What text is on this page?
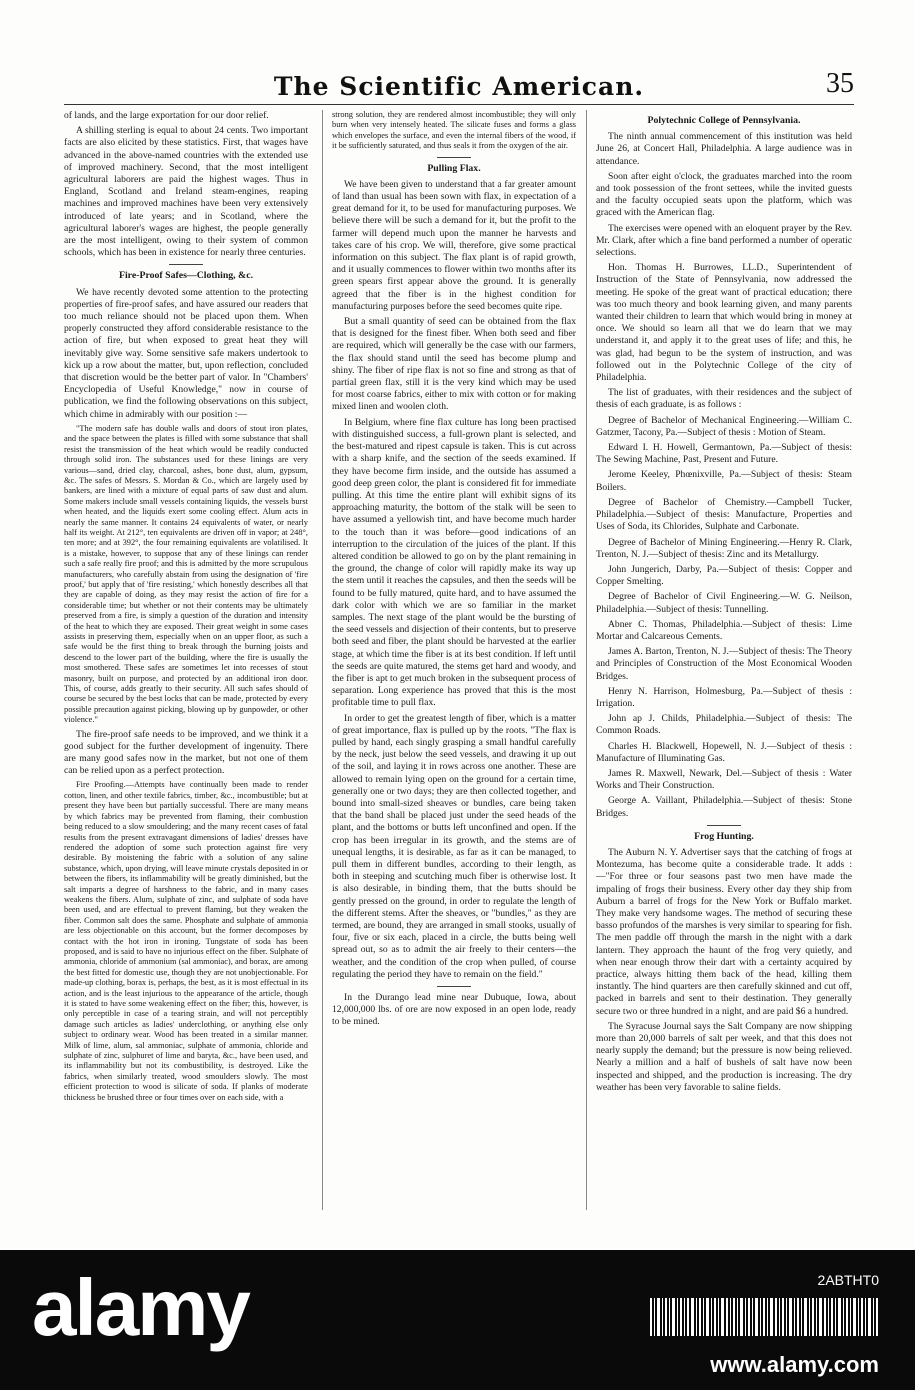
The Scientific American.	35

of lands, and the large exportation for our door relief.

A shilling sterling is equal to about 24 cents. Two important facts are also elicited by these statistics. First, that wages have advanced in the above-named countries with the extended use of improved machinery. Second, that the most intelligent agricultural laborers are paid the highest wages. Thus in England, Scotland and Ireland steam-engines, reaping machines and improved machines have been very extensively introduced of late years; and in Scotland, where the agricultural laborer's wages are highest, the people generally are the most intelligent, owing to their system of common schools, which has been in existence for nearly three centuries.

Fire-Proof Safes—Clothing, &c.

We have recently devoted some attention to the protecting properties of fire-proof safes, and have assured our readers that too much reliance should not be placed upon them. When properly constructed they afford considerable resistance to the action of fire, but when exposed to great heat they will inevitably give way. Some sensitive safe makers undertook to kick up a row about the matter, but, upon reflection, concluded that discretion would be the better part of valor. In "Chambers' Encyclopedia of Useful Knowledge," now in course of publication, we find the following observations on this subject, which chime in admirably with our position :—

"The modern safe has double walls and doors of stout iron plates, and the space between the plates is filled with some substance that shall resist the transmission of the heat which would be readily conducted through solid iron. The substances used for these linings are very various—sand, dried clay, charcoal, ashes, bone dust, alum, gypsum, &c. The safes of Messrs. S. Mordan & Co., which are largely used by bankers, are lined with a mixture of equal parts of saw dust and alum. Some makers include small vessels containing liquids, the vessels burst when heated, and the liquids exert some cooling effect. Alum acts in nearly the same manner. It contains 24 equivalents of water, or nearly half its weight. At 212°, ten equivalents are driven off in vapor; at 248°, ten more; and at 392°, the four remaining equivalents are volatilised. It is a mistake, however, to suppose that any of these linings can render such a safe really fire proof; and this is admitted by the more scrupulous manufacturers, who carefully abstain from using the designation of 'fire proof,' but apply that of 'fire resisting,' which honestly describes all that they are capable of doing, as they may resist the action of fire for a considerable time; but whether or not their contents may be ultimately preserved from a fire, is simply a question of the duration and intensity of the heat to which they are exposed. Their great weight in some cases assists in preserving them, especially when on an upper floor, as such a safe would be the first thing to break through the burning joists and descend to the lower part of the building, where the fire is usually the most smothered. These safes are sometimes let into recesses of stout masonry, built on purpose, and protected by an additional iron door. This, of course, adds greatly to their security. All such safes should of course be secured by the best locks that can be made, protected by every possible precaution against picking, blowing up by gunpowder, or other violence."

The fire-proof safe needs to be improved, and we think it a good subject for the further development of ingenuity. There are many good safes now in the market, but not one of them can be relied upon as a perfect protection.

Fire Proofing.—Attempts have continually been made to render cotton, linen, and other textile fabrics, timber, &c., incombustible; but at present they have been but partially successful. There are many means by which fabrics may be prevented from flaming, their combustion being reduced to a slow smouldering; and the many recent cases of fatal results from the present extravagant dimensions of ladies' dresses have rendered the adoption of some such protection against fire very desirable. By moistening the fabric with a solution of any saline substance, which, upon drying, will leave minute crystals deposited in or between the fibers, its inflammability will be greatly diminished, but the salt imparts a degree of harshness to the fabric, and in many cases weakens the fibers. Alum, sulphate of zinc, and sulphate of soda have been used, and are effectual to prevent flaming, but they weaken the fiber. Common salt does the same. Phosphate and sulphate of ammonia are less objectionable on this account, but the former decomposes by contact with the hot iron in ironing. Tungstate of soda has been proposed, and is said to have no injurious effect on the fiber. Sulphate of ammonia, chloride of ammonium (sal ammoniac), and borax, are among the best fitted for domestic use, though they are not unobjectionable. For made-up clothing, borax is, perhaps, the best, as it is most effectual in its action, and is the least injurious to the appearance of the article, though it is stated to have some weakening effect on the fiber; this, however, is only perceptible in case of a tearing strain, and will not perceptibly damage such articles as ladies' underclothing, or anything else only subject to ordinary wear. Wood has been treated in a similar manner. Milk of lime, alum, sal ammoniac, sulphate of ammonia, chloride and sulphate of zinc, sulphuret of lime and baryta, &c., have been used, and its inflammability but not its combustibility, is destroyed. Like the fabrics, when similarly treated, wood smoulders slowly. The most efficient protection to wood is silicate of soda. If planks of moderate thickness be brushed three or four times over on each side, with a

strong solution, they are rendered almost incombustible; they will only burn when very intensely heated. The silicate fuses and forms a glass which envelopes the surface, and even the internal fibers of the wood, if it be sufficiently saturated, and thus seals it from the oxygen of the air.

Pulling Flax.

We have been given to understand that a far greater amount of land than usual has been sown with flax, in expectation of a great demand for it, to be used for manufacturing purposes. We believe there will be such a demand for it, but the profit to the farmer will depend much upon the manner he harvests and takes care of his crop. We will, therefore, give some practical information on this subject. The flax plant is of rapid growth, and it usually commences to flower within two months after its green spears first appear above the ground. It is generally agreed that the fiber is in the highest condition for manufacturing purposes before the seed becomes quite ripe.

But a small quantity of seed can be obtained from the flax that is designed for the finest fiber. When both seed and fiber are required, which will generally be the case with our farmers, the flax should stand until the seed has become plump and shiny. The fiber of ripe flax is not so fine and strong as that of partial green flax, still it is the very kind which may be used for most coarse fabrics, either to mix with cotton or for making mixed linen and woolen cloth.

In Belgium, where fine flax culture has long been practised with distinguished success, a full-grown plant is selected, and the best-matured and ripest capsule is taken. This is cut across with a sharp knife, and the section of the seeds examined. If they have become firm inside, and the outside has assumed a good deep green color, the plant is considered fit for immediate pulling. At this time the entire plant will exhibit signs of its approaching maturity, the bottom of the stalk will be seen to have assumed a yellowish tint, and have become much harder to the touch than it was before—good indications of an interruption to the circulation of the juices of the plant. If this altered condition be allowed to go on by the plant remaining in the ground, the change of color will rapidly make its way up the stem until it reaches the capsules, and then the seeds will be found to be fully matured, quite hard, and to have assumed the dark color with which we are so familiar in the market samples. The next stage of the plant would be the bursting of the seed vessels and disjection of their contents, but to preserve both seed and fiber, the plant should be harvested at the earlier stage, at which time the fiber is at its best condition. If left until the seeds are quite matured, the stems get hard and woody, and the fiber is apt to get much broken in the subsequent process of separation. Long experience has proved that this is the most profitable time to pull flax.

In order to get the greatest length of fiber, which is a matter of great importance, flax is pulled up by the roots. "The flax is pulled by hand, each singly grasping a small handful carefully by the neck, just below the seed vessels, and drawing it up out of the soil, and laying it in rows across one another. These are allowed to remain lying open on the ground for a certain time, generally one or two days; they are then collected together, and bound into small-sized sheaves or bundles, care being taken that the band shall be placed just under the seed heads of the plant, and the bottoms or butts left unconfined and open. If the crop has been irregular in its growth, and the stems are of unequal lengths, it is desirable, as far as it can be managed, to pull them in different bundles, according to their length, as both in steeping and scutching much fiber is otherwise lost. It is also desirable, in binding them, that the butts should be gently pressed on the ground, in order to regulate the length of the different stems. After the sheaves, or "bundles," as they are termed, are bound, they are arranged in small stooks, usually of four, five or six each, placed in a circle, the butts being well spread out, so as to admit the air freely to their centers—the weather, and the condition of the crop when pulled, of course regulating the period they have to remain on the field."

In the Durango lead mine near Dubuque, Iowa, about 12,000,000 lbs. of ore are now exposed in an open lode, ready to be mined.

Polytechnic College of Pennsylvania.

The ninth annual commencement of this institution was held June 26, at Concert Hall, Philadelphia. A large audience was in attendance.

Soon after eight o'clock, the graduates marched into the room and took possession of the front settees, while the invited guests and the faculty occupied seats upon the platform, which was graced with the American flag.

The exercises were opened with an eloquent prayer by the Rev. Mr. Clark, after which a fine band performed a number of operatic selections.

Hon. Thomas H. Burrowes, LL.D., Superintendent of Instruction of the State of Pennsylvania, now addressed the meeting. He spoke of the great want of practical education; there was too much theory and book learning given, and many parents wanted their children to learn that which would bring in money at once. We should so learn all that we do learn that we may understand it, and apply it to the great uses of life; and this, he was glad, had begun to be the system of instruction, and was followed out in the Polytechnic College of the city of Philadelphia.

The list of graduates, with their residences and the subject of thesis of each graduate, is as follows :

Degree of Bachelor of Mechanical Engineering.—William C. Gatzmer, Tacony, Pa.—Subject of thesis : Motion of Steam.

Edward I. H. Howell, Germantown, Pa.—Subject of thesis: The Sewing Machine, Past, Present and Future.

Jerome Keeley, Phœnixville, Pa.—Subject of thesis: Steam Boilers.

Degree of Bachelor of Chemistry.—Campbell Tucker, Philadelphia.—Subject of thesis: Manufacture, Properties and Uses of Soda, its Chlorides, Sulphate and Carbonate.

Degree of Bachelor of Mining Engineering.—Henry R. Clark, Trenton, N. J.—Subject of thesis: Zinc and its Metallurgy.

John Jungerich, Darby, Pa.—Subject of thesis: Copper and Copper Smelting.

Degree of Bachelor of Civil Engineering.—W. G. Neilson, Philadelphia.—Subject of thesis: Tunnelling.

Abner C. Thomas, Philadelphia.—Subject of thesis: Lime Mortar and Calcareous Cements.

James A. Barton, Trenton, N. J.—Subject of thesis: The Theory and Principles of Construction of the Most Economical Wooden Bridges.

Henry N. Harrison, Holmesburg, Pa.—Subject of thesis : Irrigation.

John ap J. Childs, Philadelphia.—Subject of thesis: The Common Roads.

Charles H. Blackwell, Hopewell, N. J.—Subject of thesis : Manufacture of Illuminating Gas.

James R. Maxwell, Newark, Del.—Subject of thesis : Water Works and Their Construction.

George A. Vaillant, Philadelphia.—Subject of thesis: Stone Bridges.

Frog Hunting.

The Auburn N. Y. Advertiser says that the catching of frogs at Montezuma, has become quite a considerable trade. It adds :—"For three or four seasons past two men have made the impaling of frogs their business. Every other day they ship from Auburn a barrel of frogs for the New York or Buffalo market. They make very handsome wages. The method of securing these basso profundos of the marshes is very similar to spearing for fish. The men paddle off through the marsh in the night with a dark lantern. They approach the haunt of the frog very quietly, and when near enough throw their dart with a certainty acquired by practice, always hitting them back of the head, killing them instantly. The hind quarters are then carefully skinned and cut off, packed in barrels and sent to their destination. They generally secure two or three hundred in a night, and are paid $6 a hundred.

The Syracuse Journal says the Salt Company are now shipping more than 20,000 barrels of salt per week, and that this does not nearly supply the demand; but the pressure is now being relieved. Nearly a million and a half of bushels of salt have now been inspected and shipped, and the production is increasing. The dry weather has been very favorable to saline fields.

alamy	2ABTHT0
www.alamy.com
